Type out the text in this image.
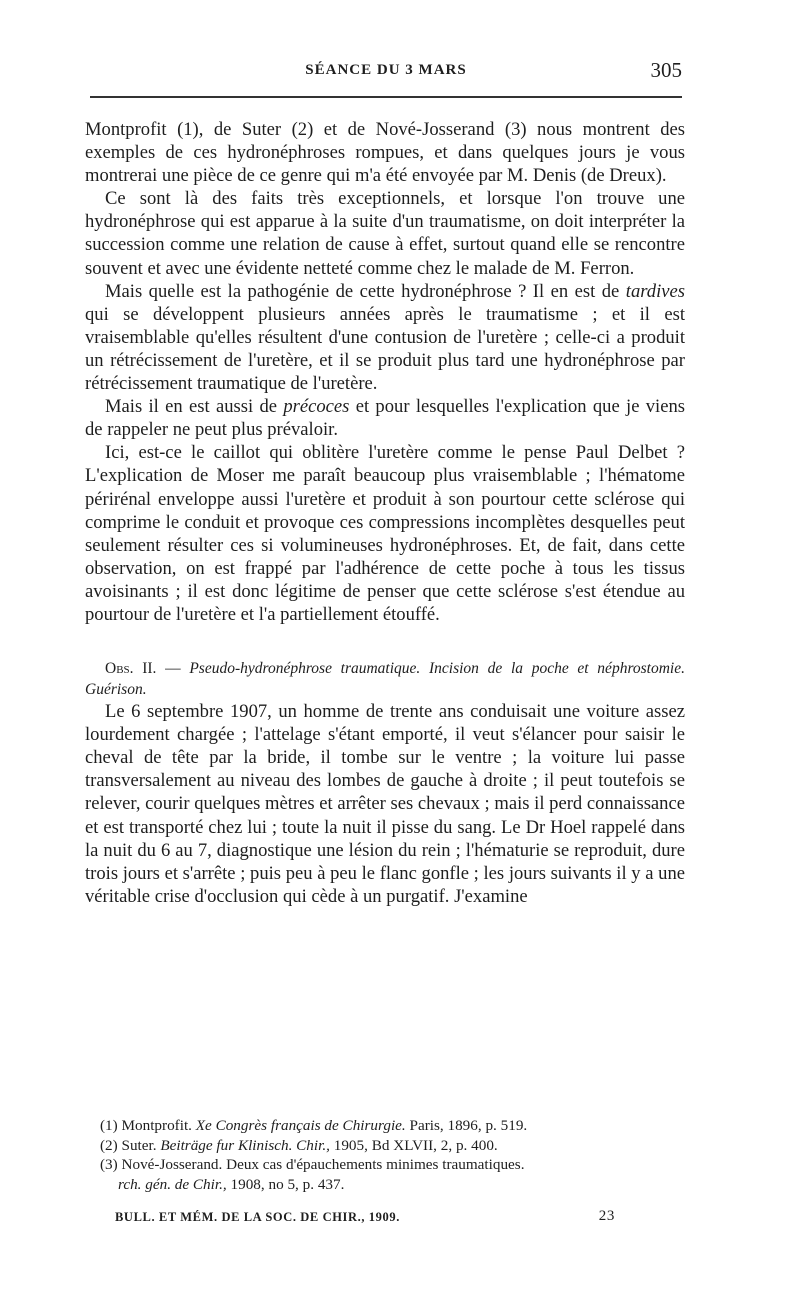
SÉANCE DU 3 MARS	305

Montprofit (1), de Suter (2) et de Nové-Josserand (3) nous montrent des exemples de ces hydronéphroses rompues, et dans quelques jours je vous montrerai une pièce de ce genre qui m'a été envoyée par M. Denis (de Dreux).

Ce sont là des faits très exceptionnels, et lorsque l'on trouve une hydronéphrose qui est apparue à la suite d'un traumatisme, on doit interpréter la succession comme une relation de cause à effet, surtout quand elle se rencontre souvent et avec une évidente netteté comme chez le malade de M. Ferron.

Mais quelle est la pathogénie de cette hydronéphrose ? Il en est de tardives qui se développent plusieurs années après le traumatisme ; et il est vraisemblable qu'elles résultent d'une contusion de l'uretère ; celle-ci a produit un rétrécissement de l'uretère, et il se produit plus tard une hydronéphrose par rétrécissement traumatique de l'uretère.

Mais il en est aussi de précoces et pour lesquelles l'explication que je viens de rappeler ne peut plus prévaloir.

Ici, est-ce le caillot qui oblitère l'uretère comme le pense Paul Delbet ? L'explication de Moser me paraît beaucoup plus vraisemblable ; l'hématome périrénal enveloppe aussi l'uretère et produit à son pourtour cette sclérose qui comprime le conduit et provoque ces compressions incomplètes desquelles peut seulement résulter ces si volumineuses hydronéphroses. Et, de fait, dans cette observation, on est frappé par l'adhérence de cette poche à tous les tissus avoisinants ; il est donc légitime de penser que cette sclérose s'est étendue au pourtour de l'uretère et l'a partiellement étouffé.

Obs. II. — Pseudo-hydronéphrose traumatique. Incision de la poche et néphrostomie. Guérison.

Le 6 septembre 1907, un homme de trente ans conduisait une voiture assez lourdement chargée ; l'attelage s'étant emporté, il veut s'élancer pour saisir le cheval de tête par la bride, il tombe sur le ventre ; la voiture lui passe transversalement au niveau des lombes de gauche à droite ; il peut toutefois se relever, courir quelques mètres et arrêter ses chevaux ; mais il perd connaissance et est transporté chez lui ; toute la nuit il pisse du sang. Le Dr Hoel rappelé dans la nuit du 6 au 7, diagnostique une lésion du rein ; l'hématurie se reproduit, dure trois jours et s'arrête ; puis peu à peu le flanc gonfle ; les jours suivants il y a une véritable crise d'occlusion qui cède à un purgatif. J'examine

(1) Montprofit. Xe Congrès français de Chirurgie. Paris, 1896, p. 519.
(2) Suter. Beiträge fur Klinisch. Chir., 1905, Bd XLVII, 2, p. 400.
(3) Nové-Josserand. Deux cas d'épauchements minimes traumatiques.
rch. gén. de Chir., 1908, no 5, p. 437.
BULL. ET MÉM. DE LA SOC. DE CHIR., 1909.	23
